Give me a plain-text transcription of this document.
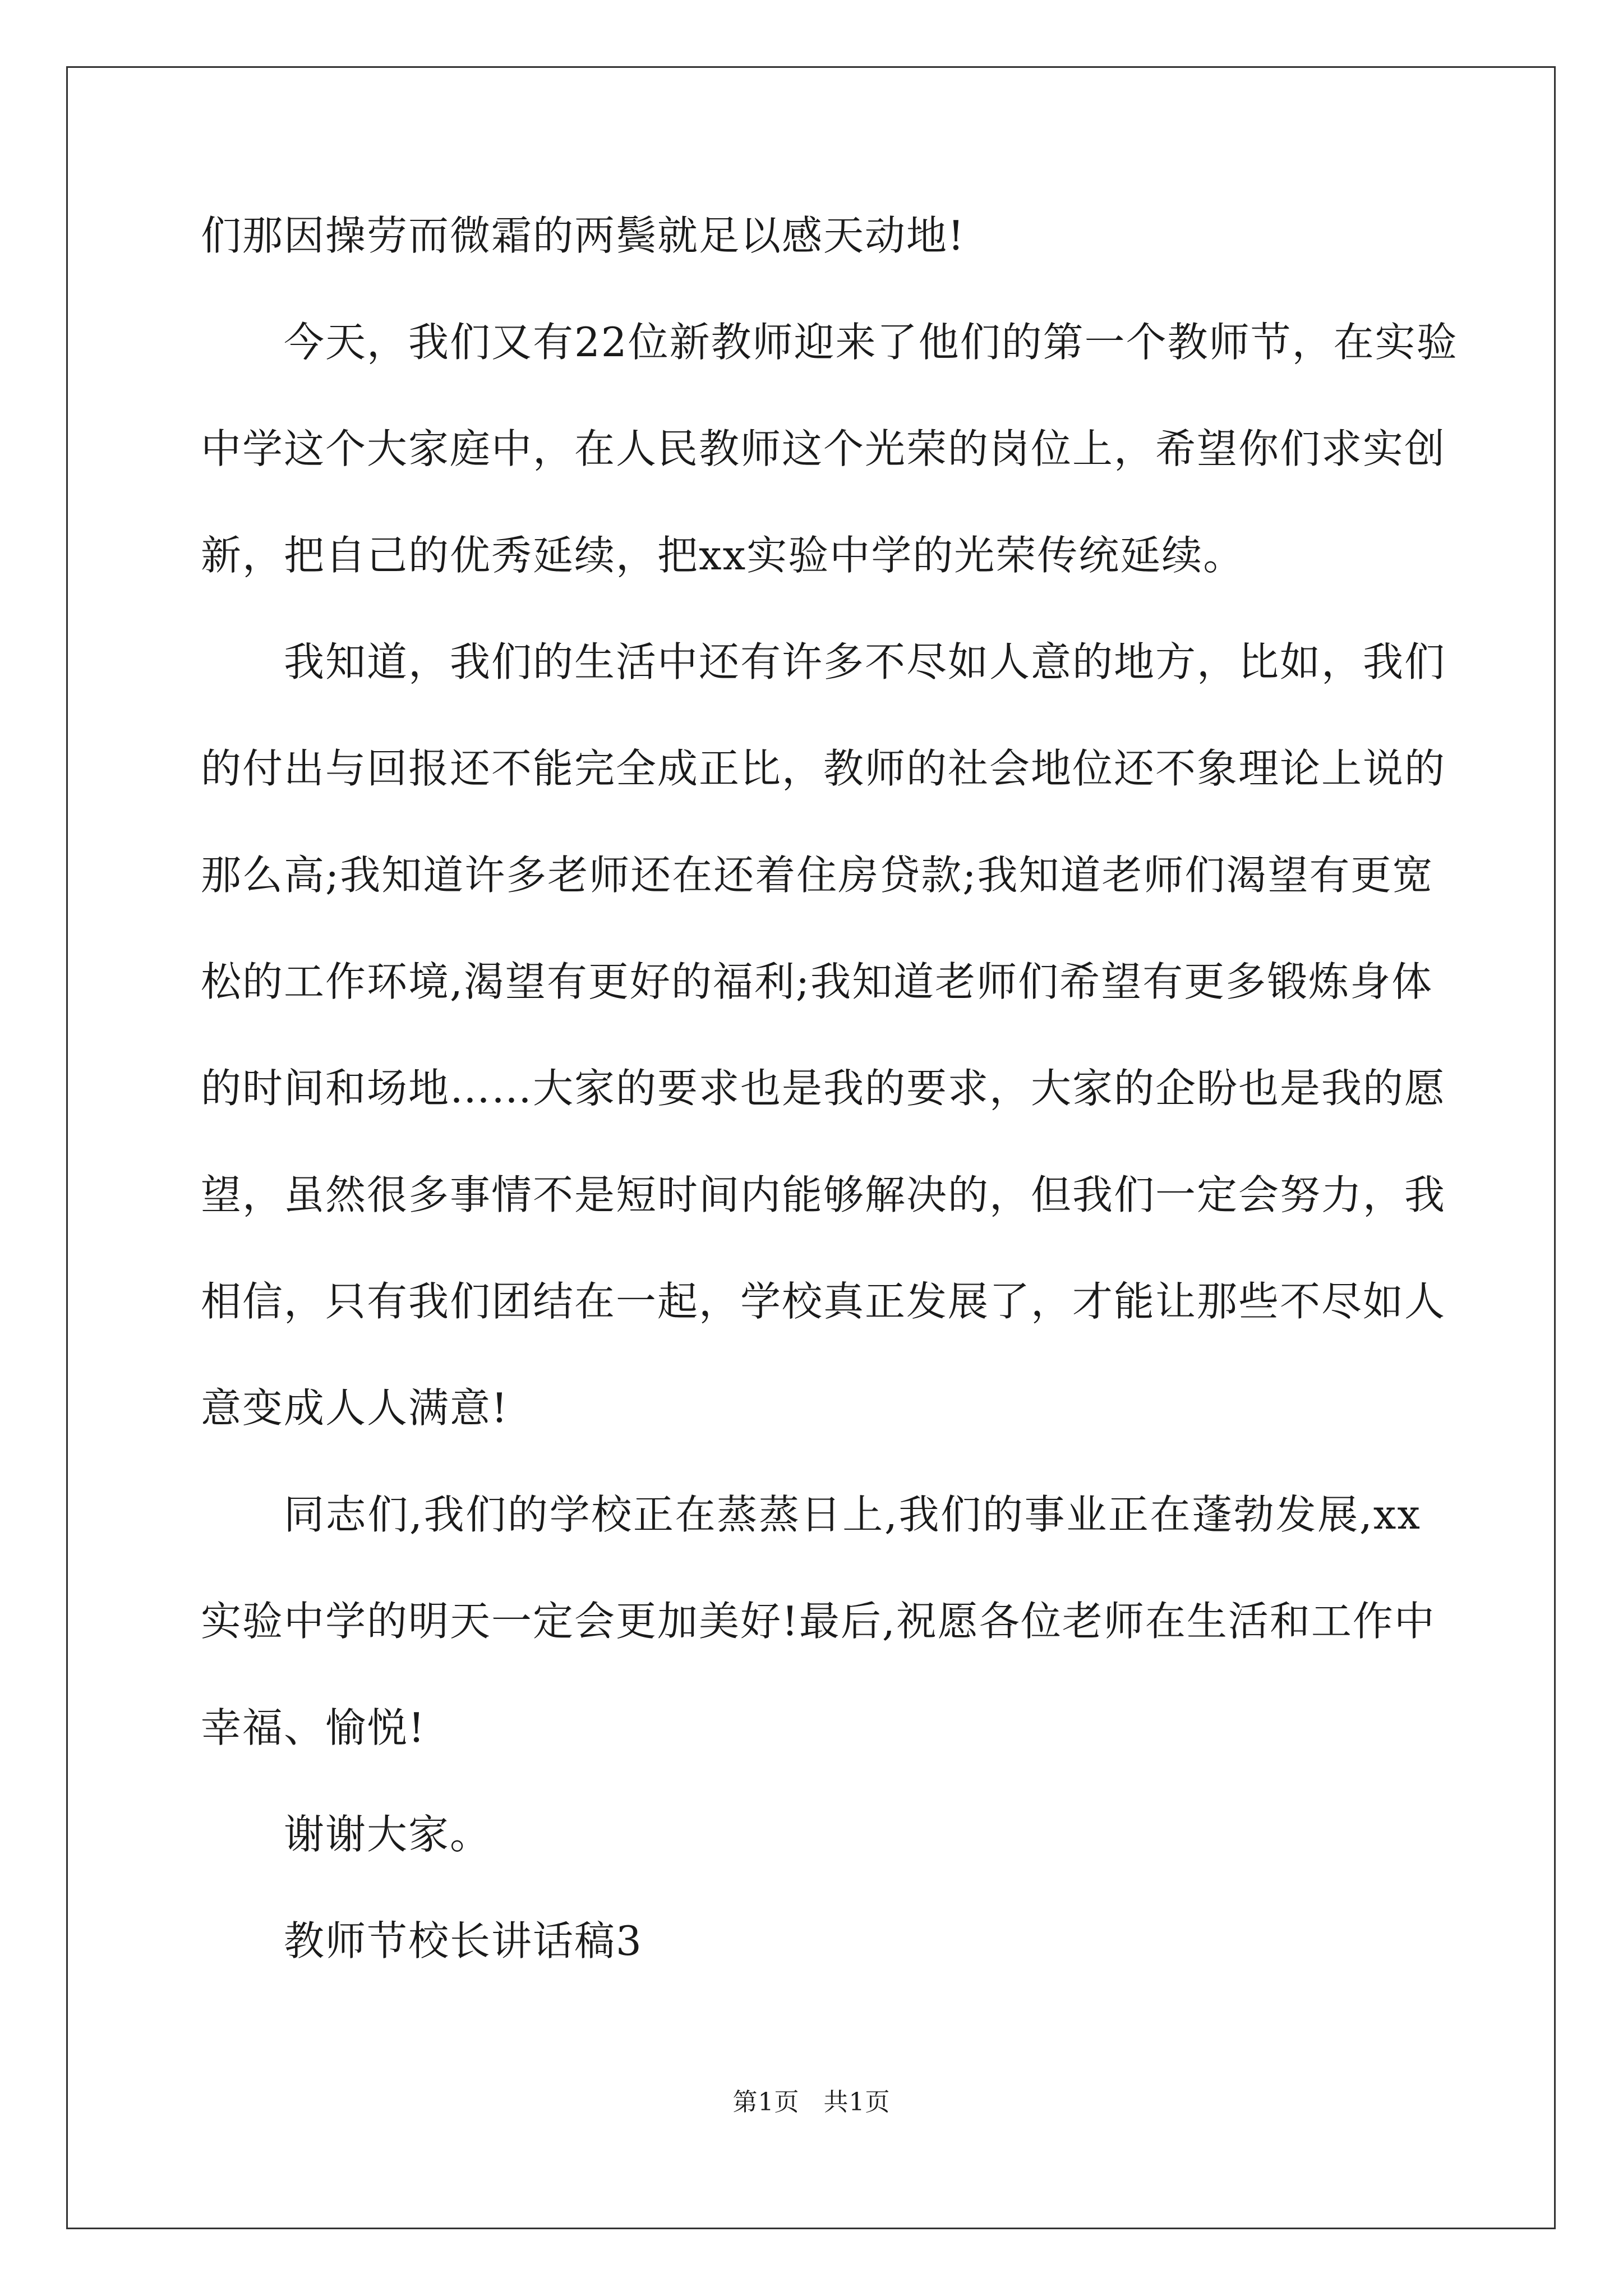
们那因操劳而微霜的两鬓就足以感天动地!
今天，我们又有22位新教师迎来了他们的第一个教师节，在实验
中学这个大家庭中，在人民教师这个光荣的岗位上，希望你们求实创
新，把自己的优秀延续，把xx实验中学的光荣传统延续。
我知道，我们的生活中还有许多不尽如人意的地方，比如，我们
的付出与回报还不能完全成正比，教师的社会地位还不象理论上说的
那么高;我知道许多老师还在还着住房贷款;我知道老师们渴望有更宽
松的工作环境,渴望有更好的福利;我知道老师们希望有更多锻炼身体
的时间和场地……大家的要求也是我的要求，大家的企盼也是我的愿
望，虽然很多事情不是短时间内能够解决的，但我们一定会努力，我
相信，只有我们团结在一起，学校真正发展了，才能让那些不尽如人
意变成人人满意!
同志们,我们的学校正在蒸蒸日上,我们的事业正在蓬勃发展,xx
实验中学的明天一定会更加美好!最后,祝愿各位老师在生活和工作中
幸福、愉悦!
谢谢大家。
教师节校长讲话稿3
第1页 共1页
